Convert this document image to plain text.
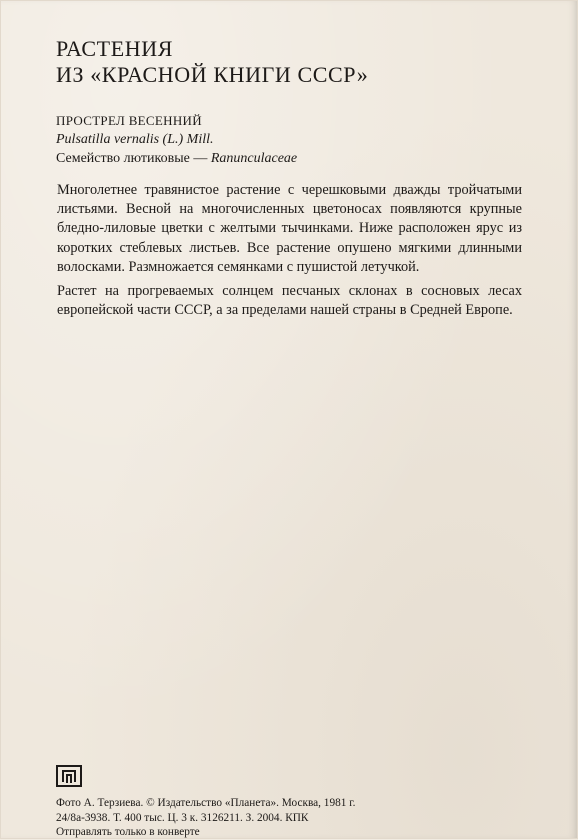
РАСТЕНИЯ
ИЗ «КРАСНОЙ КНИГИ СССР»
ПРОСТРЕЛ ВЕСЕННИЙ
Pulsatilla vernalis (L.) Mill.
Семейство лютиковые — Ranunculaceae

Многолетнее травянистое растение с черешковыми дважды тройчатыми листьями. Весной на многочисленных цветоносах появляются крупные бледно-лиловые цветки с желтыми тычинками. Ниже расположен ярус из коротких стеблевых листьев. Все растение опушено мягкими длинными волосками. Размножается семянками с пушистой летучкой.

Растет на прогреваемых солнцем песчаных склонах в сосновых лесах европейской части СССР, а за пределами нашей страны в Средней Европе.

Фото А. Терзиева. © Издательство «Планета». Москва, 1981 г.
24/8а-3938. Т. 400 тыс. Ц. 3 к. 3126211. З. 2004. КПК
Отправлять только в конверте
